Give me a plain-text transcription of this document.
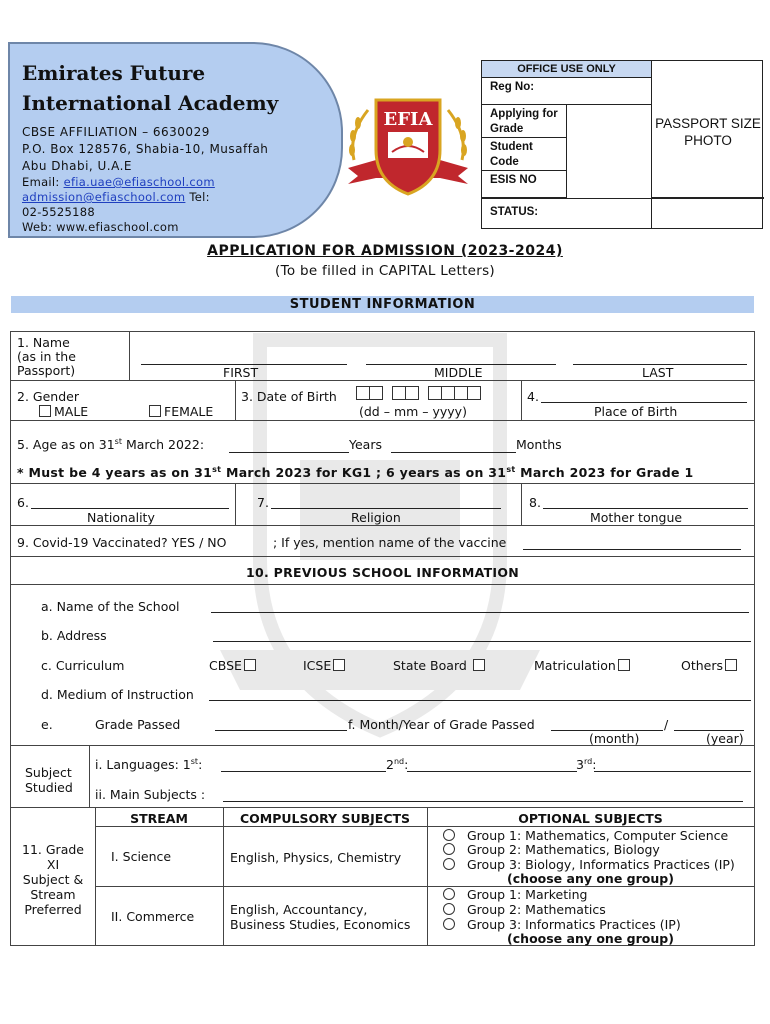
Emirates Future
International Academy
CBSE AFFILIATION – 6630029
P.O. Box 128576, Shabia-10, Musaffah
Abu Dhabi, U.A.E
Email: efia.uae@efiaschool.com
admission@efiaschool.com Tel:
02-5525188
Web: www.efiaschool.com
EFIA
OFFICE USE ONLY
Reg No:
Applying for Grade
Student Code
ESIS NO
PASSPORT SIZE PHOTO
STATUS:
APPLICATION FOR ADMISSION (2023-2024)
(To be filled in CAPITAL Letters)
STUDENT INFORMATION
1. Name
(as in the
Passport)	FIRST	MIDDLE	LAST
2. Gender
MALE	FEMALE
3. Date of Birth
(dd – mm – yyyy)
4.
Place of Birth
5. Age as on 31st March 2022:	Years	Months
* Must be 4 years as on 31st March 2023 for KG1 ; 6 years as on 31st March 2023 for Grade 1
6.
Nationality
7.
Religion
8.
Mother tongue
9. Covid-19 Vaccinated? YES / NO	; If yes, mention name of the vaccine
10. PREVIOUS SCHOOL INFORMATION
a. Name of the School
b. Address
c. Curriculum	CBSE	ICSE	State Board	Matriculation	Others
d. Medium of Instruction
e.	Grade Passed	f. Month/Year of Grade Passed	/
(month)	(year)
Subject
Studied
i. Languages: 1st:	2nd:	3rd:
ii. Main Subjects :
11. Grade
XI
Subject &
Stream
Preferred
STREAM	COMPULSORY SUBJECTS	OPTIONAL SUBJECTS
I. Science	English, Physics, Chemistry
Group 1: Mathematics, Computer Science
Group 2: Mathematics, Biology
Group 3: Biology, Informatics Practices (IP)
(choose any one group)
II. Commerce	English, Accountancy,
Business Studies, Economics
Group 1: Marketing
Group 2: Mathematics
Group 3: Informatics Practices (IP)
(choose any one group)
